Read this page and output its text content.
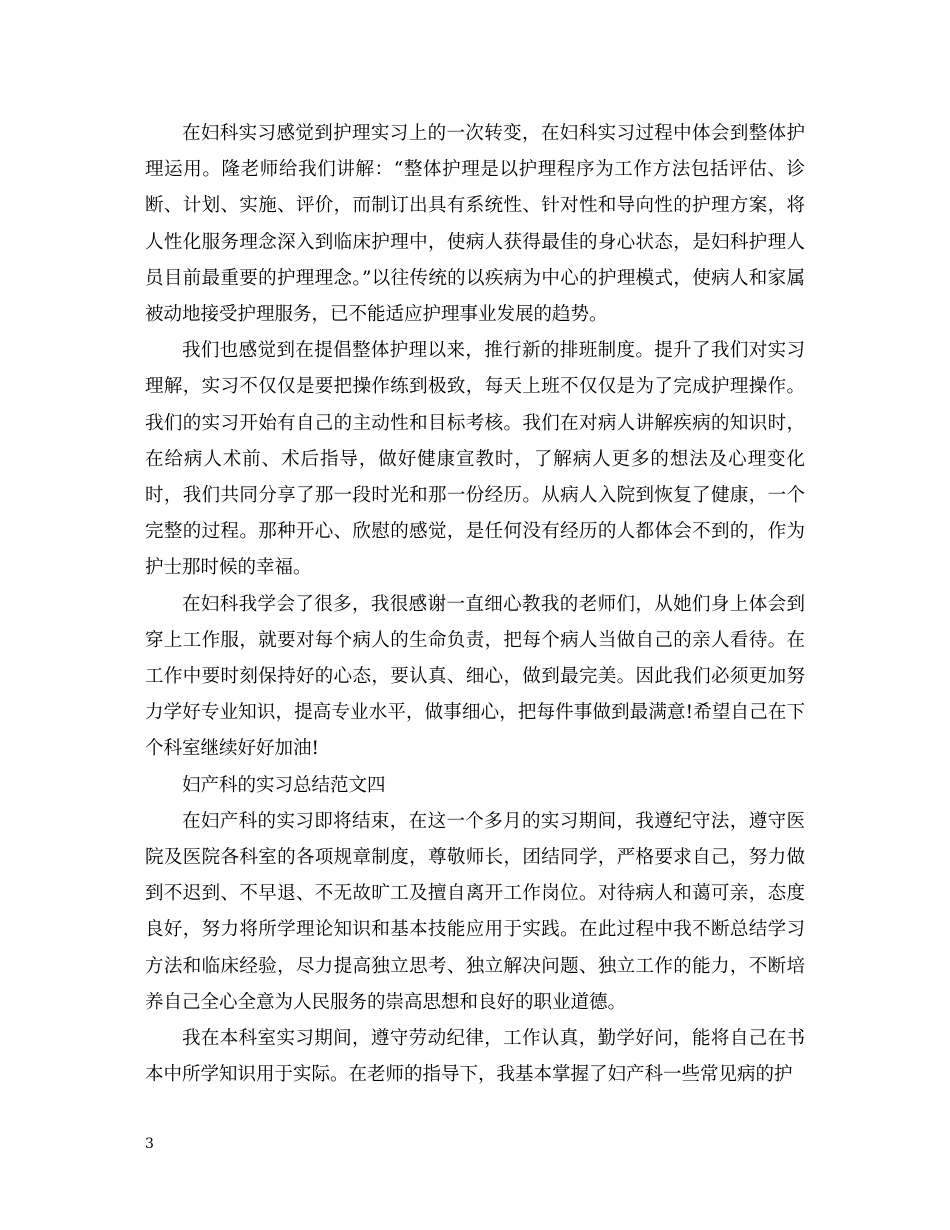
在妇科实习感觉到护理实习上的一次转变，在妇科实习过程中体会到整体护理运用。隆老师给我们讲解：“整体护理是以护理程序为工作方法包括评估、诊断、计划、实施、评价，而制订出具有系统性、针对性和导向性的护理方案，将人性化服务理念深入到临床护理中，使病人获得最佳的身心状态，是妇科护理人员目前最重要的护理理念。”以往传统的以疾病为中心的护理模式，使病人和家属被动地接受护理服务，已不能适应护理事业发展的趋势。

我们也感觉到在提倡整体护理以来，推行新的排班制度。提升了我们对实习理解，实习不仅仅是要把操作练到极致，每天上班不仅仅是为了完成护理操作。我们的实习开始有自己的主动性和目标考核。我们在对病人讲解疾病的知识时，在给病人术前、术后指导，做好健康宣教时，了解病人更多的想法及心理变化时，我们共同分享了那一段时光和那一份经历。从病人入院到恢复了健康，一个完整的过程。那种开心、欣慰的感觉，是任何没有经历的人都体会不到的，作为护士那时候的幸福。

在妇科我学会了很多，我很感谢一直细心教我的老师们，从她们身上体会到穿上工作服，就要对每个病人的生命负责，把每个病人当做自己的亲人看待。在工作中要时刻保持好的心态，要认真、细心，做到最完美。因此我们必须更加努力学好专业知识，提高专业水平，做事细心，把每件事做到最满意!希望自己在下个科室继续好好加油!

妇产科的实习总结范文四

在妇产科的实习即将结束，在这一个多月的实习期间，我遵纪守法，遵守医院及医院各科室的各项规章制度，尊敬师长，团结同学，严格要求自己，努力做到不迟到、不早退、不无故旷工及擅自离开工作岗位。对待病人和蔼可亲，态度良好，努力将所学理论知识和基本技能应用于实践。在此过程中我不断总结学习方法和临床经验，尽力提高独立思考、独立解决问题、独立工作的能力，不断培养自己全心全意为人民服务的崇高思想和良好的职业道德。

我在本科室实习期间，遵守劳动纪律，工作认真，勤学好问，能将自己在书本中所学知识用于实际。在老师的指导下，我基本掌握了妇产科一些常见病的护

3
